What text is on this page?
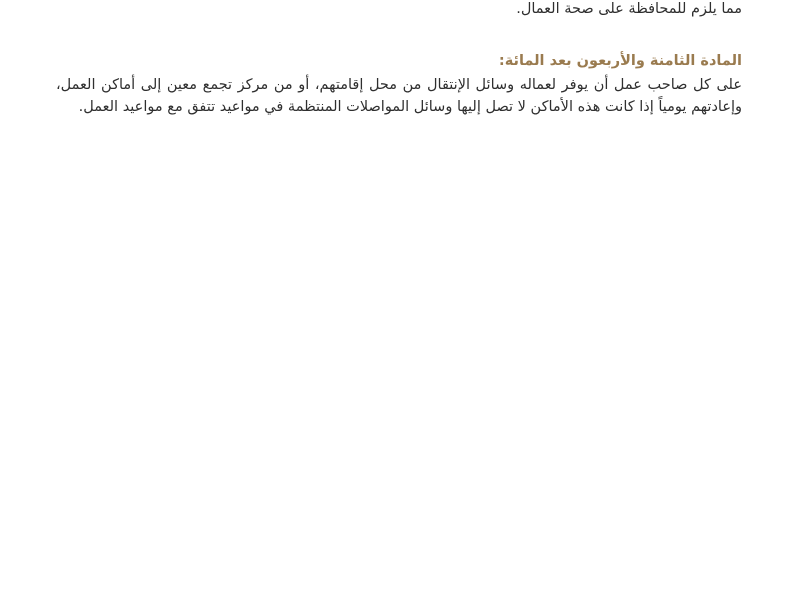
مما يلزم للمحافظة على صحة العمال.

المادة الثامنة والأربعون بعد المائة:

على كل صاحب عمل أن يوفر لعماله وسائل الإنتقال من محل إقامتهم، أو من مركز تجمع معين إلى أماكن العمل، وإعادتهم يومياً إذا كانت هذه الأماكن لا تصل إليها وسائل المواصلات المنتظمة في مواعيد تتفق مع مواعيد العمل.
